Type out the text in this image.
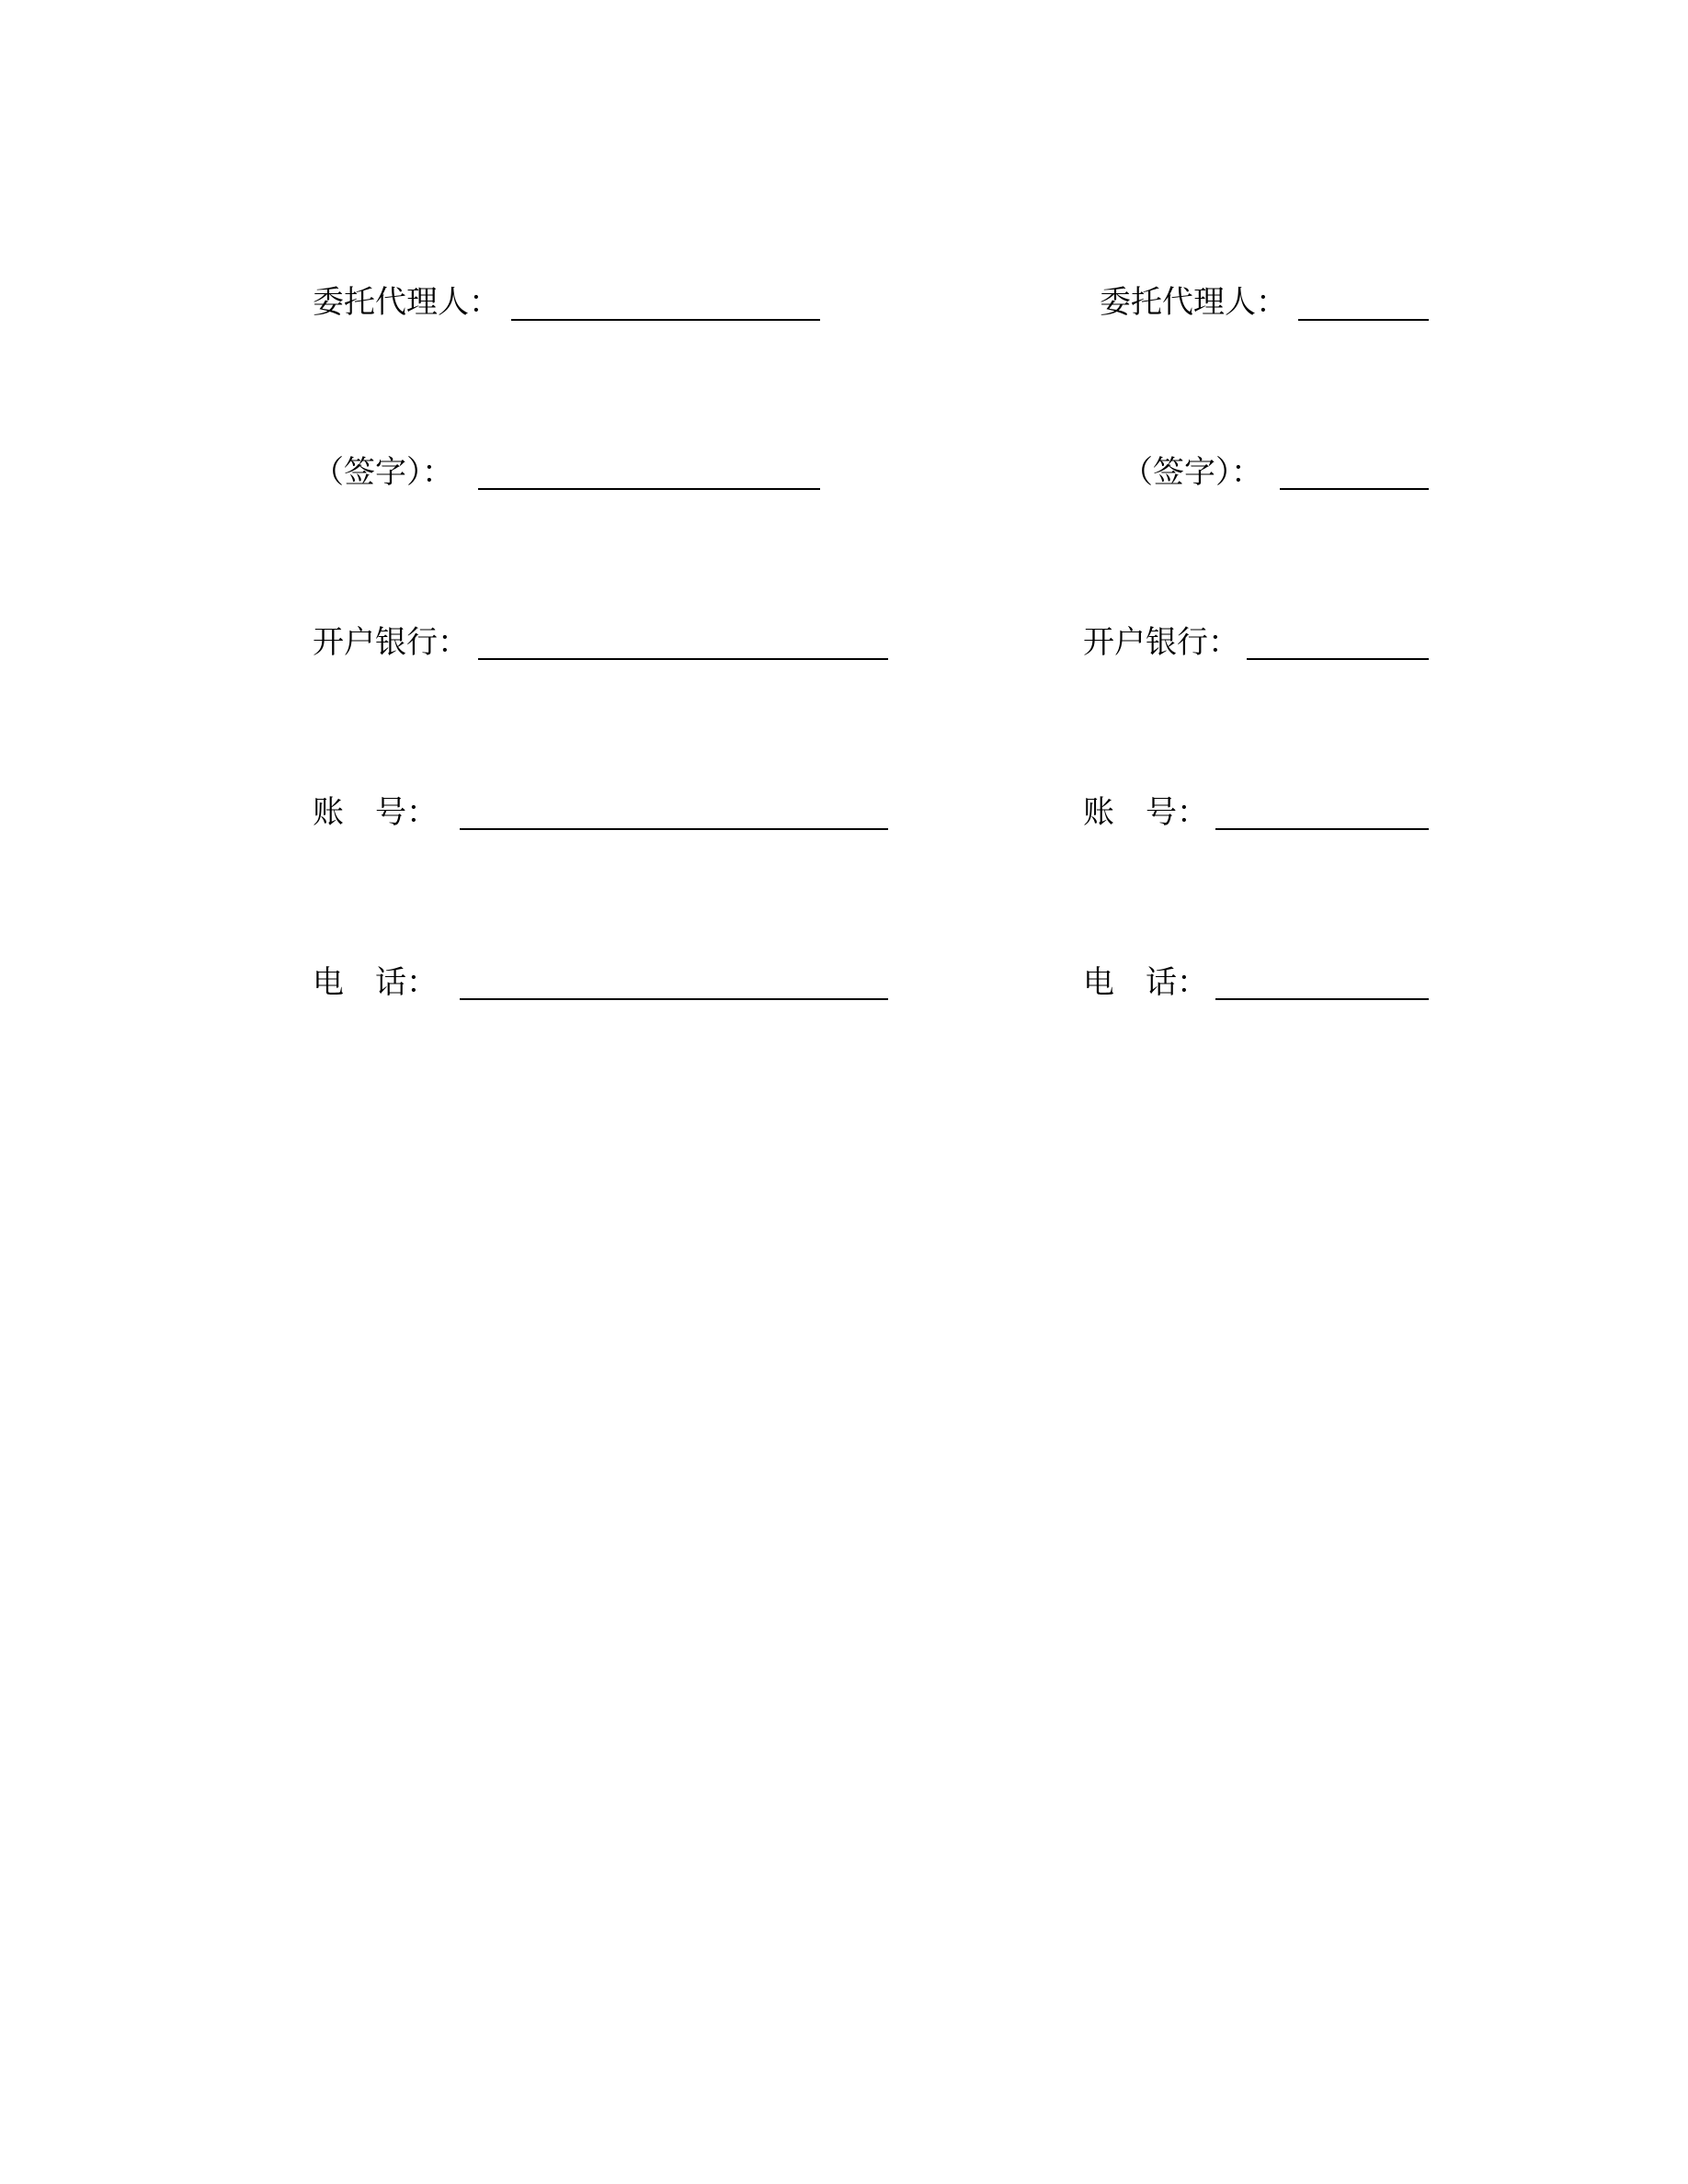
委托代理人：
（签字）：
开户银行：
账　号：
电　话：
委托代理人：
（签字）：
开户银行：
账　号：
电　话：
